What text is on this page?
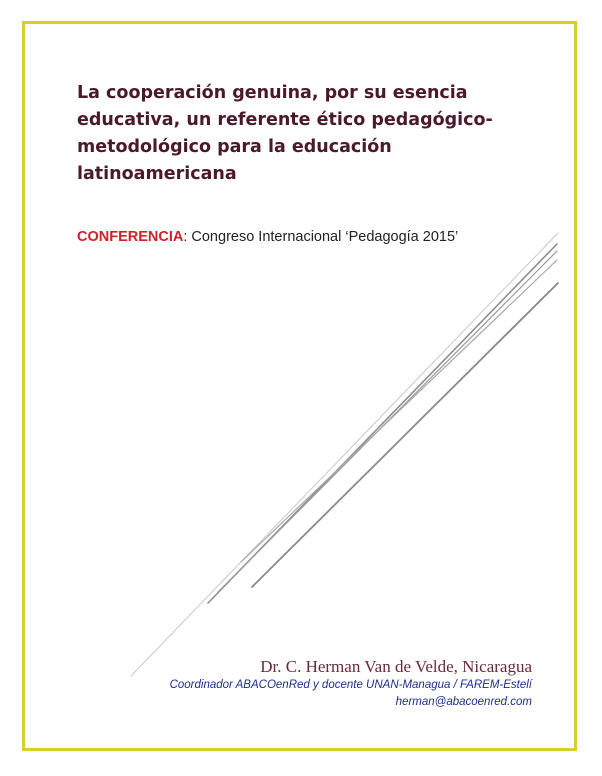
La cooperación genuina, por su esencia educativa, un referente ético pedagógico-metodológico para la educación latinoamericana
CONFERENCIA: Congreso Internacional ‘Pedagogía 2015’
Dr. C. Herman Van de Velde, Nicaragua
Coordinador ABACOenRed y docente UNAN-Managua / FAREM-Estelí
herman@abacoenred.com
